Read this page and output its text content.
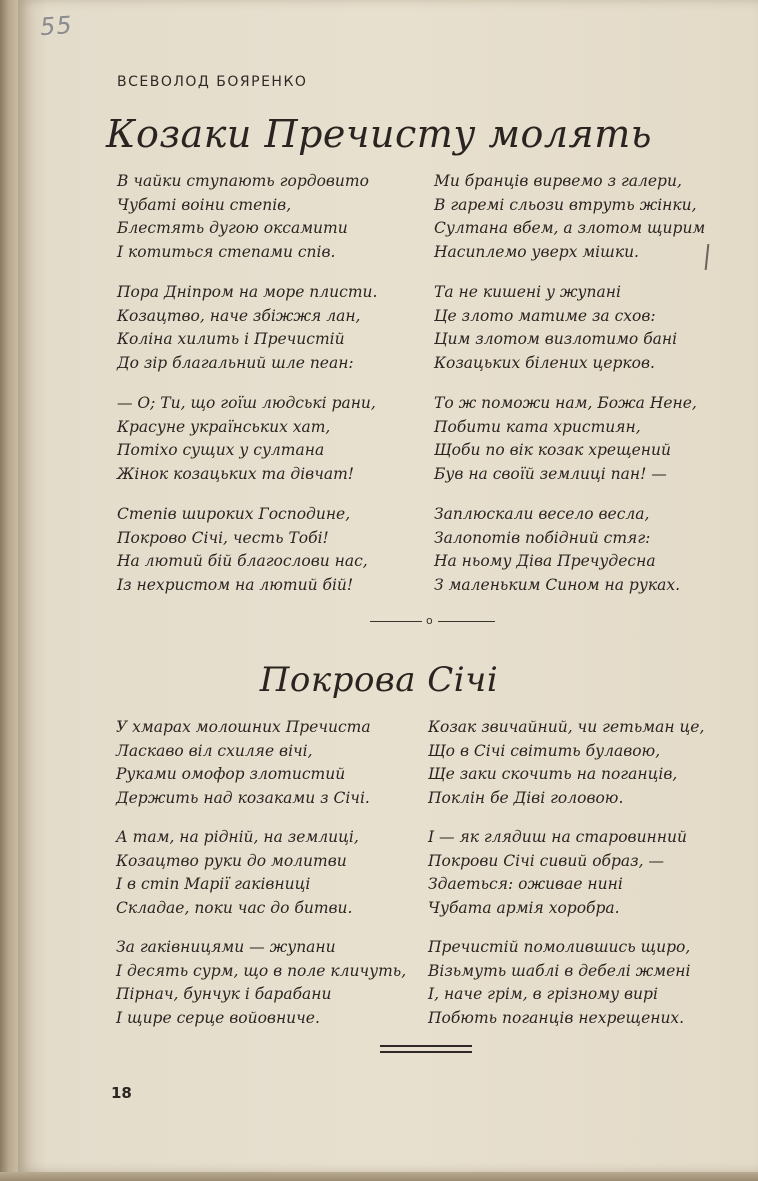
55
ВСЕВОЛОД БОЯРЕНКО
Козаки Пречисту молять
В чайки ступають гордовито
Чубаті воіни степів,
Блестять дугою оксамити
І котиться степами спів.
Пора Дніпром на море плисти.
Козацтво, наче збіжжя лан,
Коліна хилить і Пречистій
До зір благальний шле пеан:
— О; Ти, що гоїш людські рани,
Красуне українських хат,
Потіхо сущих у султана
Жінок козацьких та дівчат!
Степів широких Господине,
Покрово Січі, честь Тобі!
На лютий бій благослови нас,
Із нехристом на лютий бій!
Ми бранців вирвемо з галери,
В гаремі сльози втруть жінки,
Султана вбем, а злотом щирим
Насиплемо уверх мішки.
Та не кишені у жупані
Це злото матиме за схов:
Цим злотом визлотимо бані
Козацьких білених церков.
То ж поможи нам, Божа Нене,
Побити ката християн,
Щоби по вік козак хрещений
Був на своїй землиці пан! —
Заплюскали весело весла,
Залопотів побідний стяг:
На ньому Діва Пречудесна
З маленьким Сином на руках.
o
Покрова Січі
У хмарах молошних Пречиста
Ласкаво віл схиляе вічі,
Руками омофор злотистий
Держить над козаками з Січі.
А там, на рідній, на землиці,
Козацтво руки до молитви
І в стіп Марії гаківниці
Складае, поки час до битви.
За гаківницями — жупани
І десять сурм, що в поле кличуть,
Пірнач, бунчук і барабани
І щире серце войовниче.
Козак звичайний, чи гетьман це,
Що в Січі світить булавою,
Ще заки скочить на поганців,
Поклін бе Діві головою.
І — як глядиш на старовинний
Покрови Січі сивий образ, —
Здаеться: оживае нині
Чубата армія хоробра.
Пречистій помолившись щиро,
Візьмуть шаблі в дебелі жмені
І, наче грім, в грізному вирі
Побють поганців нехрещених.
18
